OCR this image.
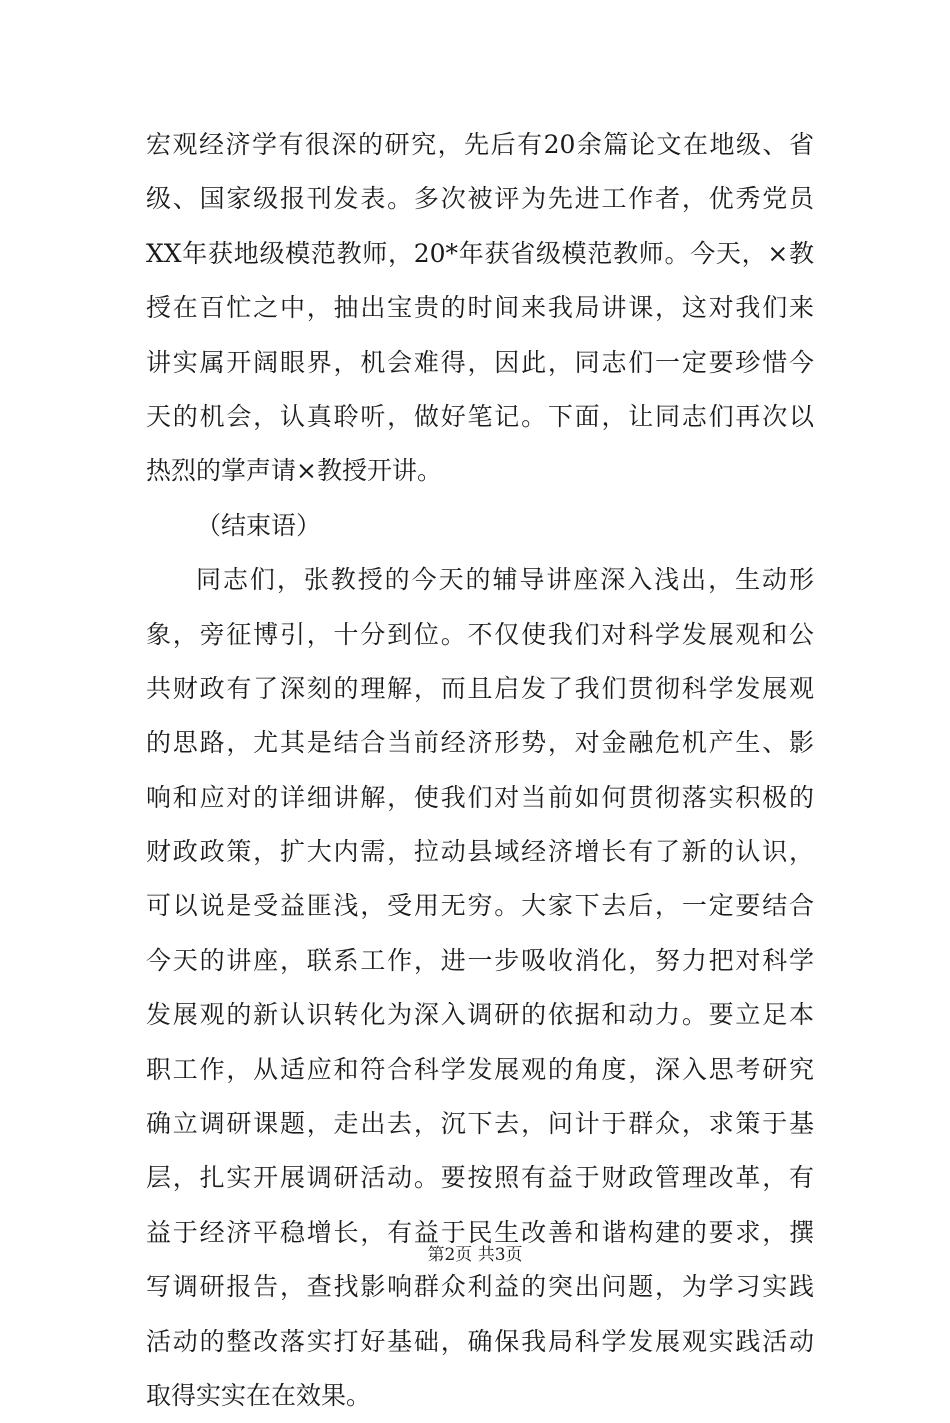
宏观经济学有很深的研究，先后有20余篇论文在地级、省
级、国家级报刊发表。多次被评为先进工作者，优秀党员
XX年获地级模范教师，20*年获省级模范教师。今天，×教
授在百忙之中，抽出宝贵的时间来我局讲课，这对我们来
讲实属开阔眼界，机会难得，因此，同志们一定要珍惜今
天的机会，认真聆听，做好笔记。下面，让同志们再次以
热烈的掌声请×教授开讲。
（结束语）
同志们，张教授的今天的辅导讲座深入浅出，生动形
象，旁征博引，十分到位。不仅使我们对科学发展观和公
共财政有了深刻的理解，而且启发了我们贯彻科学发展观
的思路，尤其是结合当前经济形势，对金融危机产生、影
响和应对的详细讲解，使我们对当前如何贯彻落实积极的
财政政策，扩大内需，拉动县域经济增长有了新的认识，
可以说是受益匪浅，受用无穷。大家下去后，一定要结合
今天的讲座，联系工作，进一步吸收消化，努力把对科学
发展观的新认识转化为深入调研的依据和动力。要立足本
职工作，从适应和符合科学发展观的角度，深入思考研究
确立调研课题，走出去，沉下去，问计于群众，求策于基
层，扎实开展调研活动。要按照有益于财政管理改革，有
益于经济平稳增长，有益于民生改善和谐构建的要求，撰
写调研报告，查找影响群众利益的突出问题，为学习实践
活动的整改落实打好基础，确保我局科学发展观实践活动
取得实实在在效果。
第2页 共3页
